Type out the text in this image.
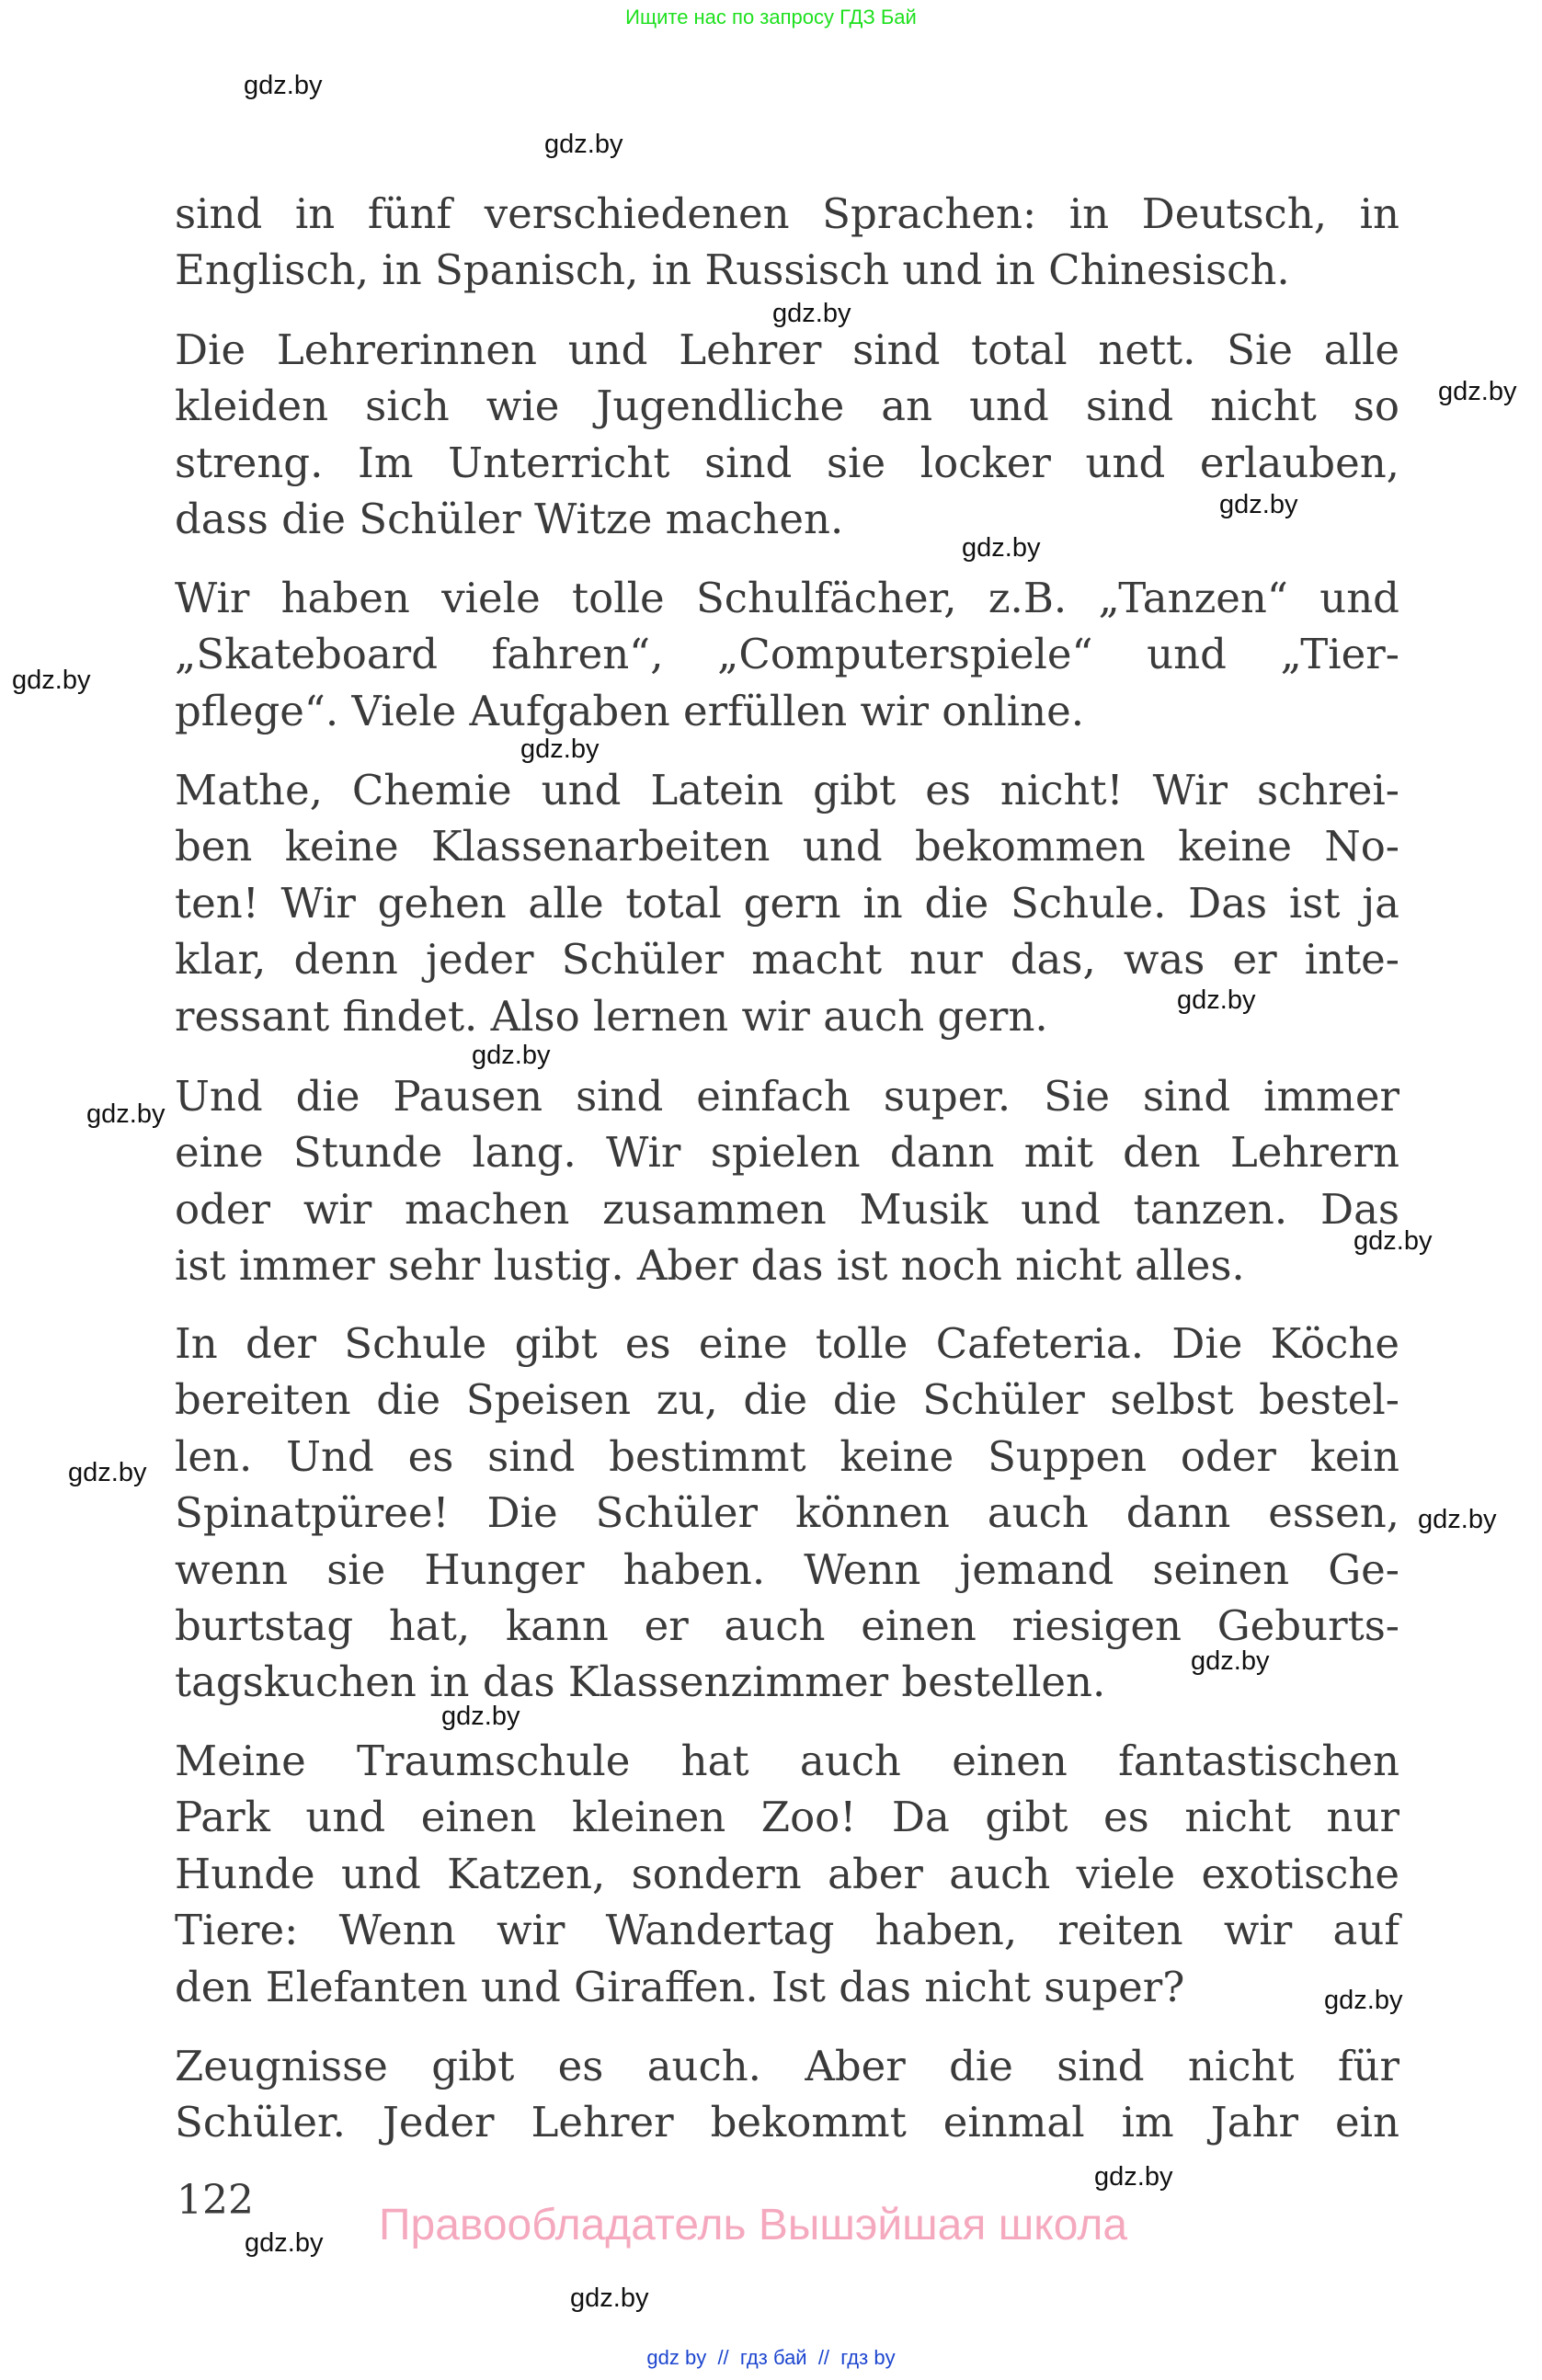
Ищите нас по запросу ГДЗ Бай
sind in fünf verschiedenen Sprachen: in Deutsch, in
Englisch, in Spanisch, in Russisch und in Chinesisch.
Die Lehrerinnen und Lehrer sind total nett. Sie alle
kleiden sich wie Jugendliche an und sind nicht so
streng. Im Unterricht sind sie locker und erlauben,
dass die Schüler Witze machen.
Wir haben viele tolle Schulfächer, z.B. „Tanzen“ und
„Skateboard fahren“, „Computerspiele“ und „Tier-
pflege“. Viele Aufgaben erfüllen wir online.
Mathe, Chemie und Latein gibt es nicht! Wir schrei-
ben keine Klassenarbeiten und bekommen keine No-
ten! Wir gehen alle total gern in die Schule. Das ist ja
klar, denn jeder Schüler macht nur das, was er inte-
ressant findet. Also lernen wir auch gern.
Und die Pausen sind einfach super. Sie sind immer
eine Stunde lang. Wir spielen dann mit den Lehrern
oder wir machen zusammen Musik und tanzen. Das
ist immer sehr lustig. Aber das ist noch nicht alles.
In der Schule gibt es eine tolle Cafeteria. Die Köche
bereiten die Speisen zu, die die Schüler selbst bestel-
len. Und es sind bestimmt keine Suppen oder kein
Spinatpüree! Die Schüler können auch dann essen,
wenn sie Hunger haben. Wenn jemand seinen Ge-
burtstag hat, kann er auch einen riesigen Geburts-
tagskuchen in das Klassenzimmer bestellen.
Meine Traumschule hat auch einen fantastischen
Park und einen kleinen Zoo! Da gibt es nicht nur
Hunde und Katzen, sondern aber auch viele exotische
Tiere: Wenn wir Wandertag haben, reiten wir auf
den Elefanten und Giraffen. Ist das nicht super?
Zeugnisse gibt es auch. Aber die sind nicht für
Schüler. Jeder Lehrer bekommt einmal im Jahr ein
gdz.by
gdz.by
gdz.by
gdz.by
gdz.by
gdz.by
gdz.by
gdz.by
gdz.by
gdz.by
gdz.by
gdz.by
gdz.by
gdz.by
gdz.by
gdz.by
gdz.by
gdz.by
gdz.by
gdz.by
122
Правообладатель Вышэйшая школа
gdz by  //  гдз бай  //  гдз by
